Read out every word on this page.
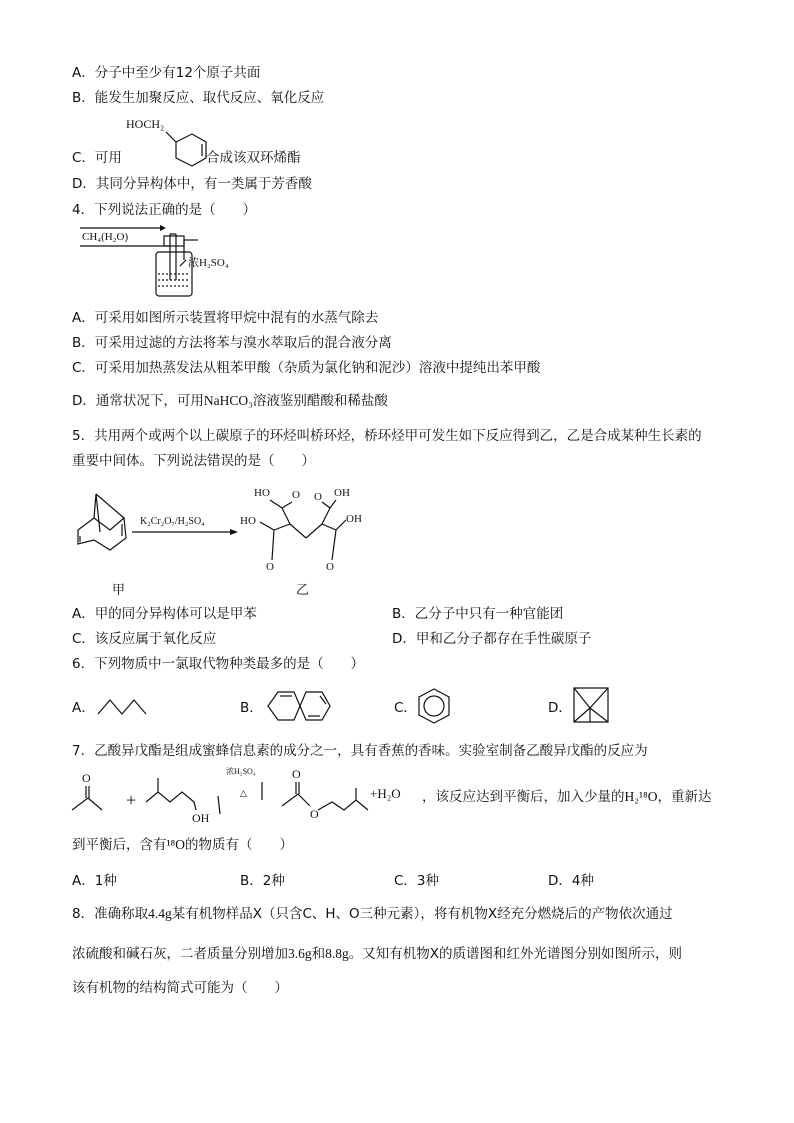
A．分子中至少有12个原子共面
B．能发生加聚反应、取代反应、氧化反应
C．可用
HOCH₂
合成该双环烯酯
D．其同分异构体中，有一类属于芳香酸
4．下列说法正确的是（　　）
CH₄(H₂O)
浓H₂SO₄
A．可采用如图所示装置将甲烷中混有的水蒸气除去
B．可采用过滤的方法将苯与溴水萃取后的混合液分离
C．可采用加热蒸发法从粗苯甲酸（杂质为氯化钠和泥沙）溶液中提纯出苯甲酸
D．通常状况下，可用NaHCO₃溶液鉴别醋酸和稀盐酸
5．共用两个或两个以上碳原子的环烃叫桥环烃，桥环烃甲可发生如下反应得到乙，乙是合成某种生长素的
重要中间体。下列说法错误的是（　　）
K₂Cr₂O₇/H₂SO₄
HO O O OH
HO	OH
O	O
甲	乙
A．甲的同分异构体可以是甲苯	B．乙分子中只有一种官能团
C．该反应属于氧化反应	D．甲和乙分子都存在手性碳原子
6．下列物质中一氯取代物种类最多的是（　　）
A．	B．	C．	D．
7．乙酸异戊酯是组成蜜蜂信息素的成分之一，具有香蕉的香味。实验室制备乙酸异戊酯的反应为
O
+
OH
浓H₂SO₄
△
O
O
+H₂O ，该反应达到平衡后，加入少量的H₂¹⁸O，重新达
到平衡后，含有¹⁸O的物质有（　　）
A．1种	B．2种	C．3种	D．4种
8．准确称取4.4g某有机物样品X（只含C、H、O三种元素），将有机物X经充分燃烧后的产物依次通过
浓硫酸和碱石灰，二者质量分别增加3.6g和8.8g。又知有机物X的质谱图和红外光谱图分别如图所示，则
该有机物的结构简式可能为（　　）
